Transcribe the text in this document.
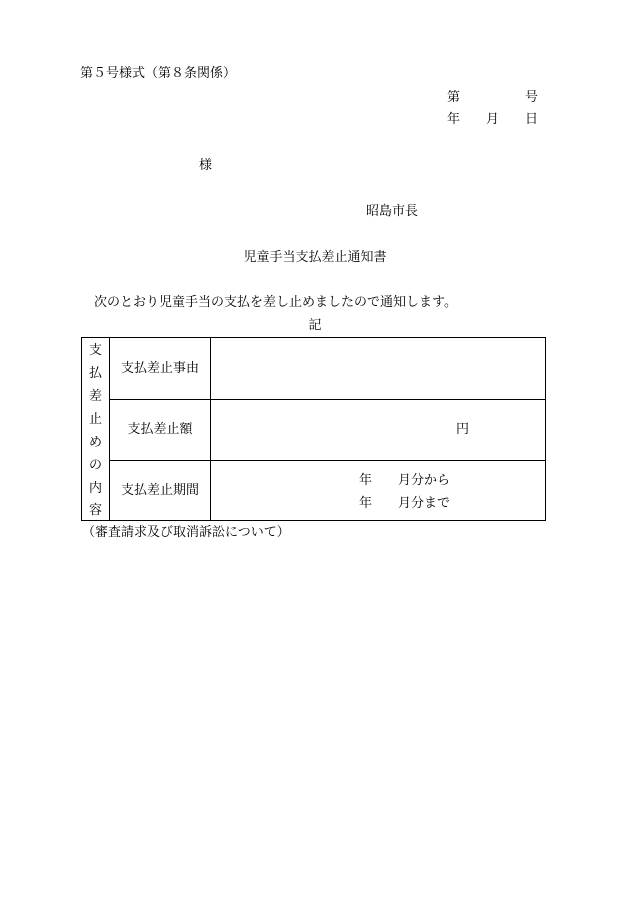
第５号様式（第８条関係）
第	号
年 月 日
様
昭島市長
児童手当支払差止通知書
次のとおり児童手当の支払を差し止めましたので通知します。
記
支
払
差
止
め
の
内
容
支払差止事由
支払差止額	円
支払差止期間
年 月分から
年 月分まで
（審査請求及び取消訴訟について）
